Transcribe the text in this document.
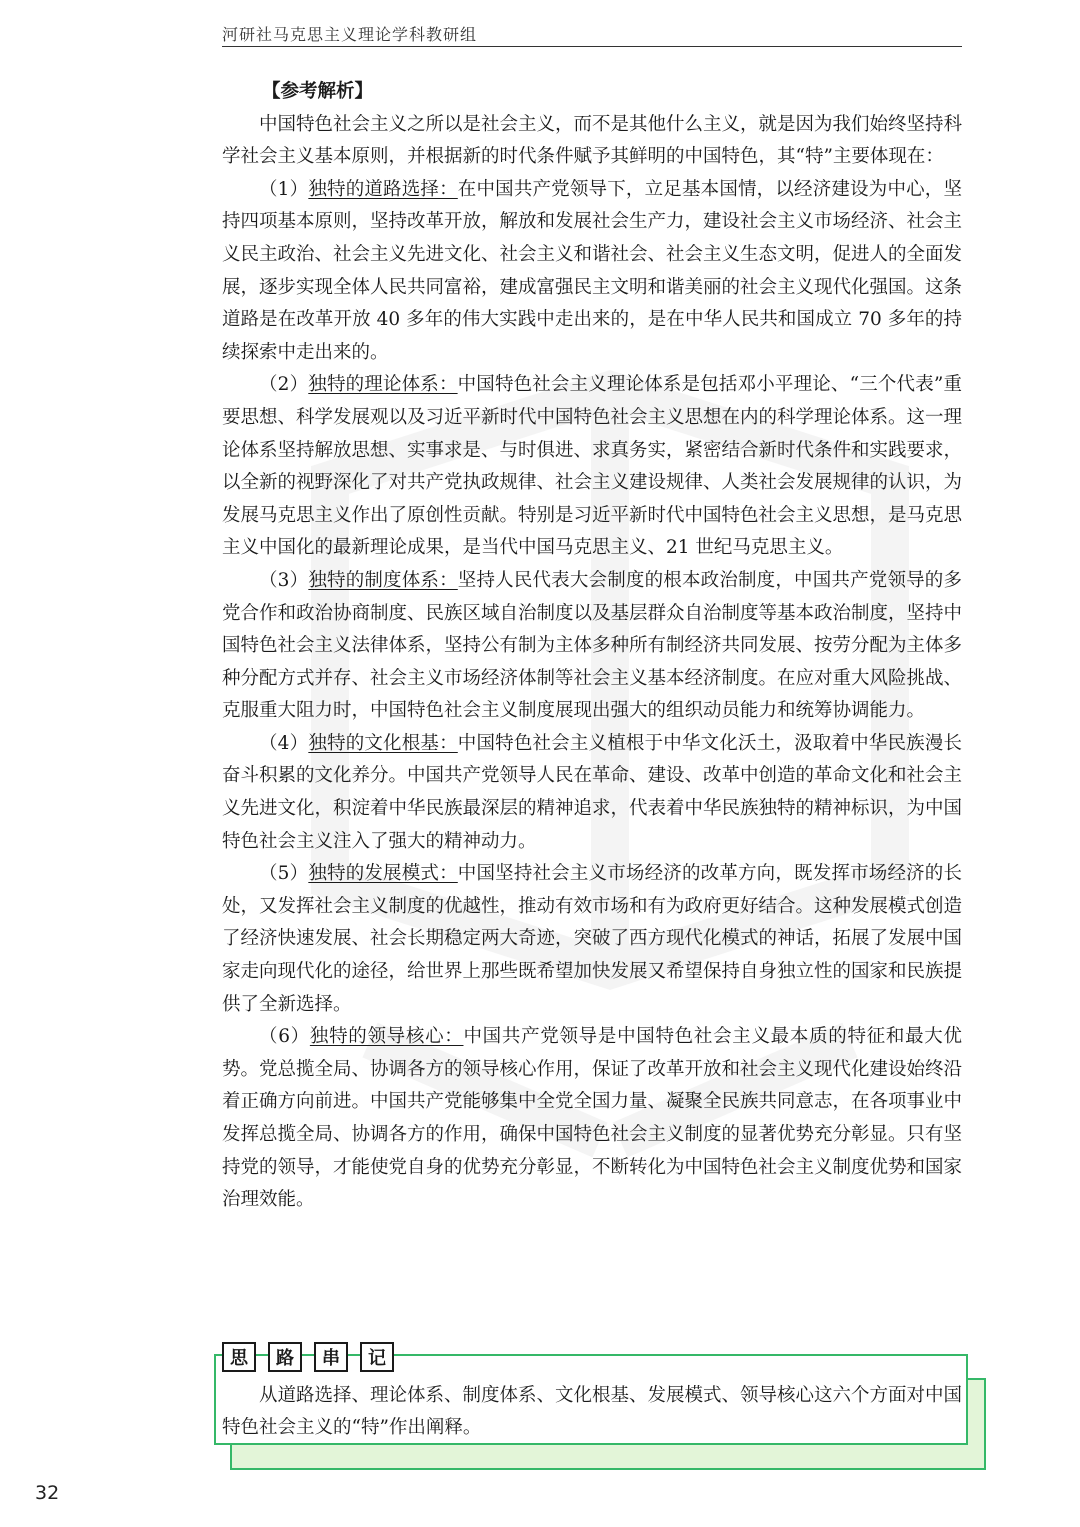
河研社马克思主义理论学科教研组

【参考解析】

中国特色社会主义之所以是社会主义，而不是其他什么主义，就是因为我们始终坚持科学社会主义基本原则，并根据新的时代条件赋予其鲜明的中国特色，其“特”主要体现在：

（1）独特的道路选择：在中国共产党领导下，立足基本国情，以经济建设为中心，坚持四项基本原则，坚持改革开放，解放和发展社会生产力，建设社会主义市场经济、社会主义民主政治、社会主义先进文化、社会主义和谐社会、社会主义生态文明，促进人的全面发展，逐步实现全体人民共同富裕，建成富强民主文明和谐美丽的社会主义现代化强国。这条道路是在改革开放 40 多年的伟大实践中走出来的，是在中华人民共和国成立 70 多年的持续探索中走出来的。

（2）独特的理论体系：中国特色社会主义理论体系是包括邓小平理论、“三个代表”重要思想、科学发展观以及习近平新时代中国特色社会主义思想在内的科学理论体系。这一理论体系坚持解放思想、实事求是、与时俱进、求真务实，紧密结合新时代条件和实践要求，以全新的视野深化了对共产党执政规律、社会主义建设规律、人类社会发展规律的认识，为发展马克思主义作出了原创性贡献。特别是习近平新时代中国特色社会主义思想，是马克思主义中国化的最新理论成果，是当代中国马克思主义、21 世纪马克思主义。

（3）独特的制度体系：坚持人民代表大会制度的根本政治制度，中国共产党领导的多党合作和政治协商制度、民族区域自治制度以及基层群众自治制度等基本政治制度，坚持中国特色社会主义法律体系，坚持公有制为主体多种所有制经济共同发展、按劳分配为主体多种分配方式并存、社会主义市场经济体制等社会主义基本经济制度。在应对重大风险挑战、克服重大阻力时，中国特色社会主义制度展现出强大的组织动员能力和统筹协调能力。

（4）独特的文化根基：中国特色社会主义植根于中华文化沃土，汲取着中华民族漫长奋斗积累的文化养分。中国共产党领导人民在革命、建设、改革中创造的革命文化和社会主义先进文化，积淀着中华民族最深层的精神追求，代表着中华民族独特的精神标识，为中国特色社会主义注入了强大的精神动力。

（5）独特的发展模式：中国坚持社会主义市场经济的改革方向，既发挥市场经济的长处，又发挥社会主义制度的优越性，推动有效市场和有为政府更好结合。这种发展模式创造了经济快速发展、社会长期稳定两大奇迹，突破了西方现代化模式的神话，拓展了发展中国家走向现代化的途径，给世界上那些既希望加快发展又希望保持自身独立性的国家和民族提供了全新选择。

（6）独特的领导核心：中国共产党领导是中国特色社会主义最本质的特征和最大优势。党总揽全局、协调各方的领导核心作用，保证了改革开放和社会主义现代化建设始终沿着正确方向前进。中国共产党能够集中全党全国力量、凝聚全民族共同意志，在各项事业中发挥总揽全局、协调各方的作用，确保中国特色社会主义制度的显著优势充分彰显。只有坚持党的领导，才能使党自身的优势充分彰显，不断转化为中国特色社会主义制度优势和国家治理效能。

思	路	串	记
从道路选择、理论体系、制度体系、文化根基、发展模式、领导核心这六个方面对中国特色社会主义的“特”作出阐释。
32
